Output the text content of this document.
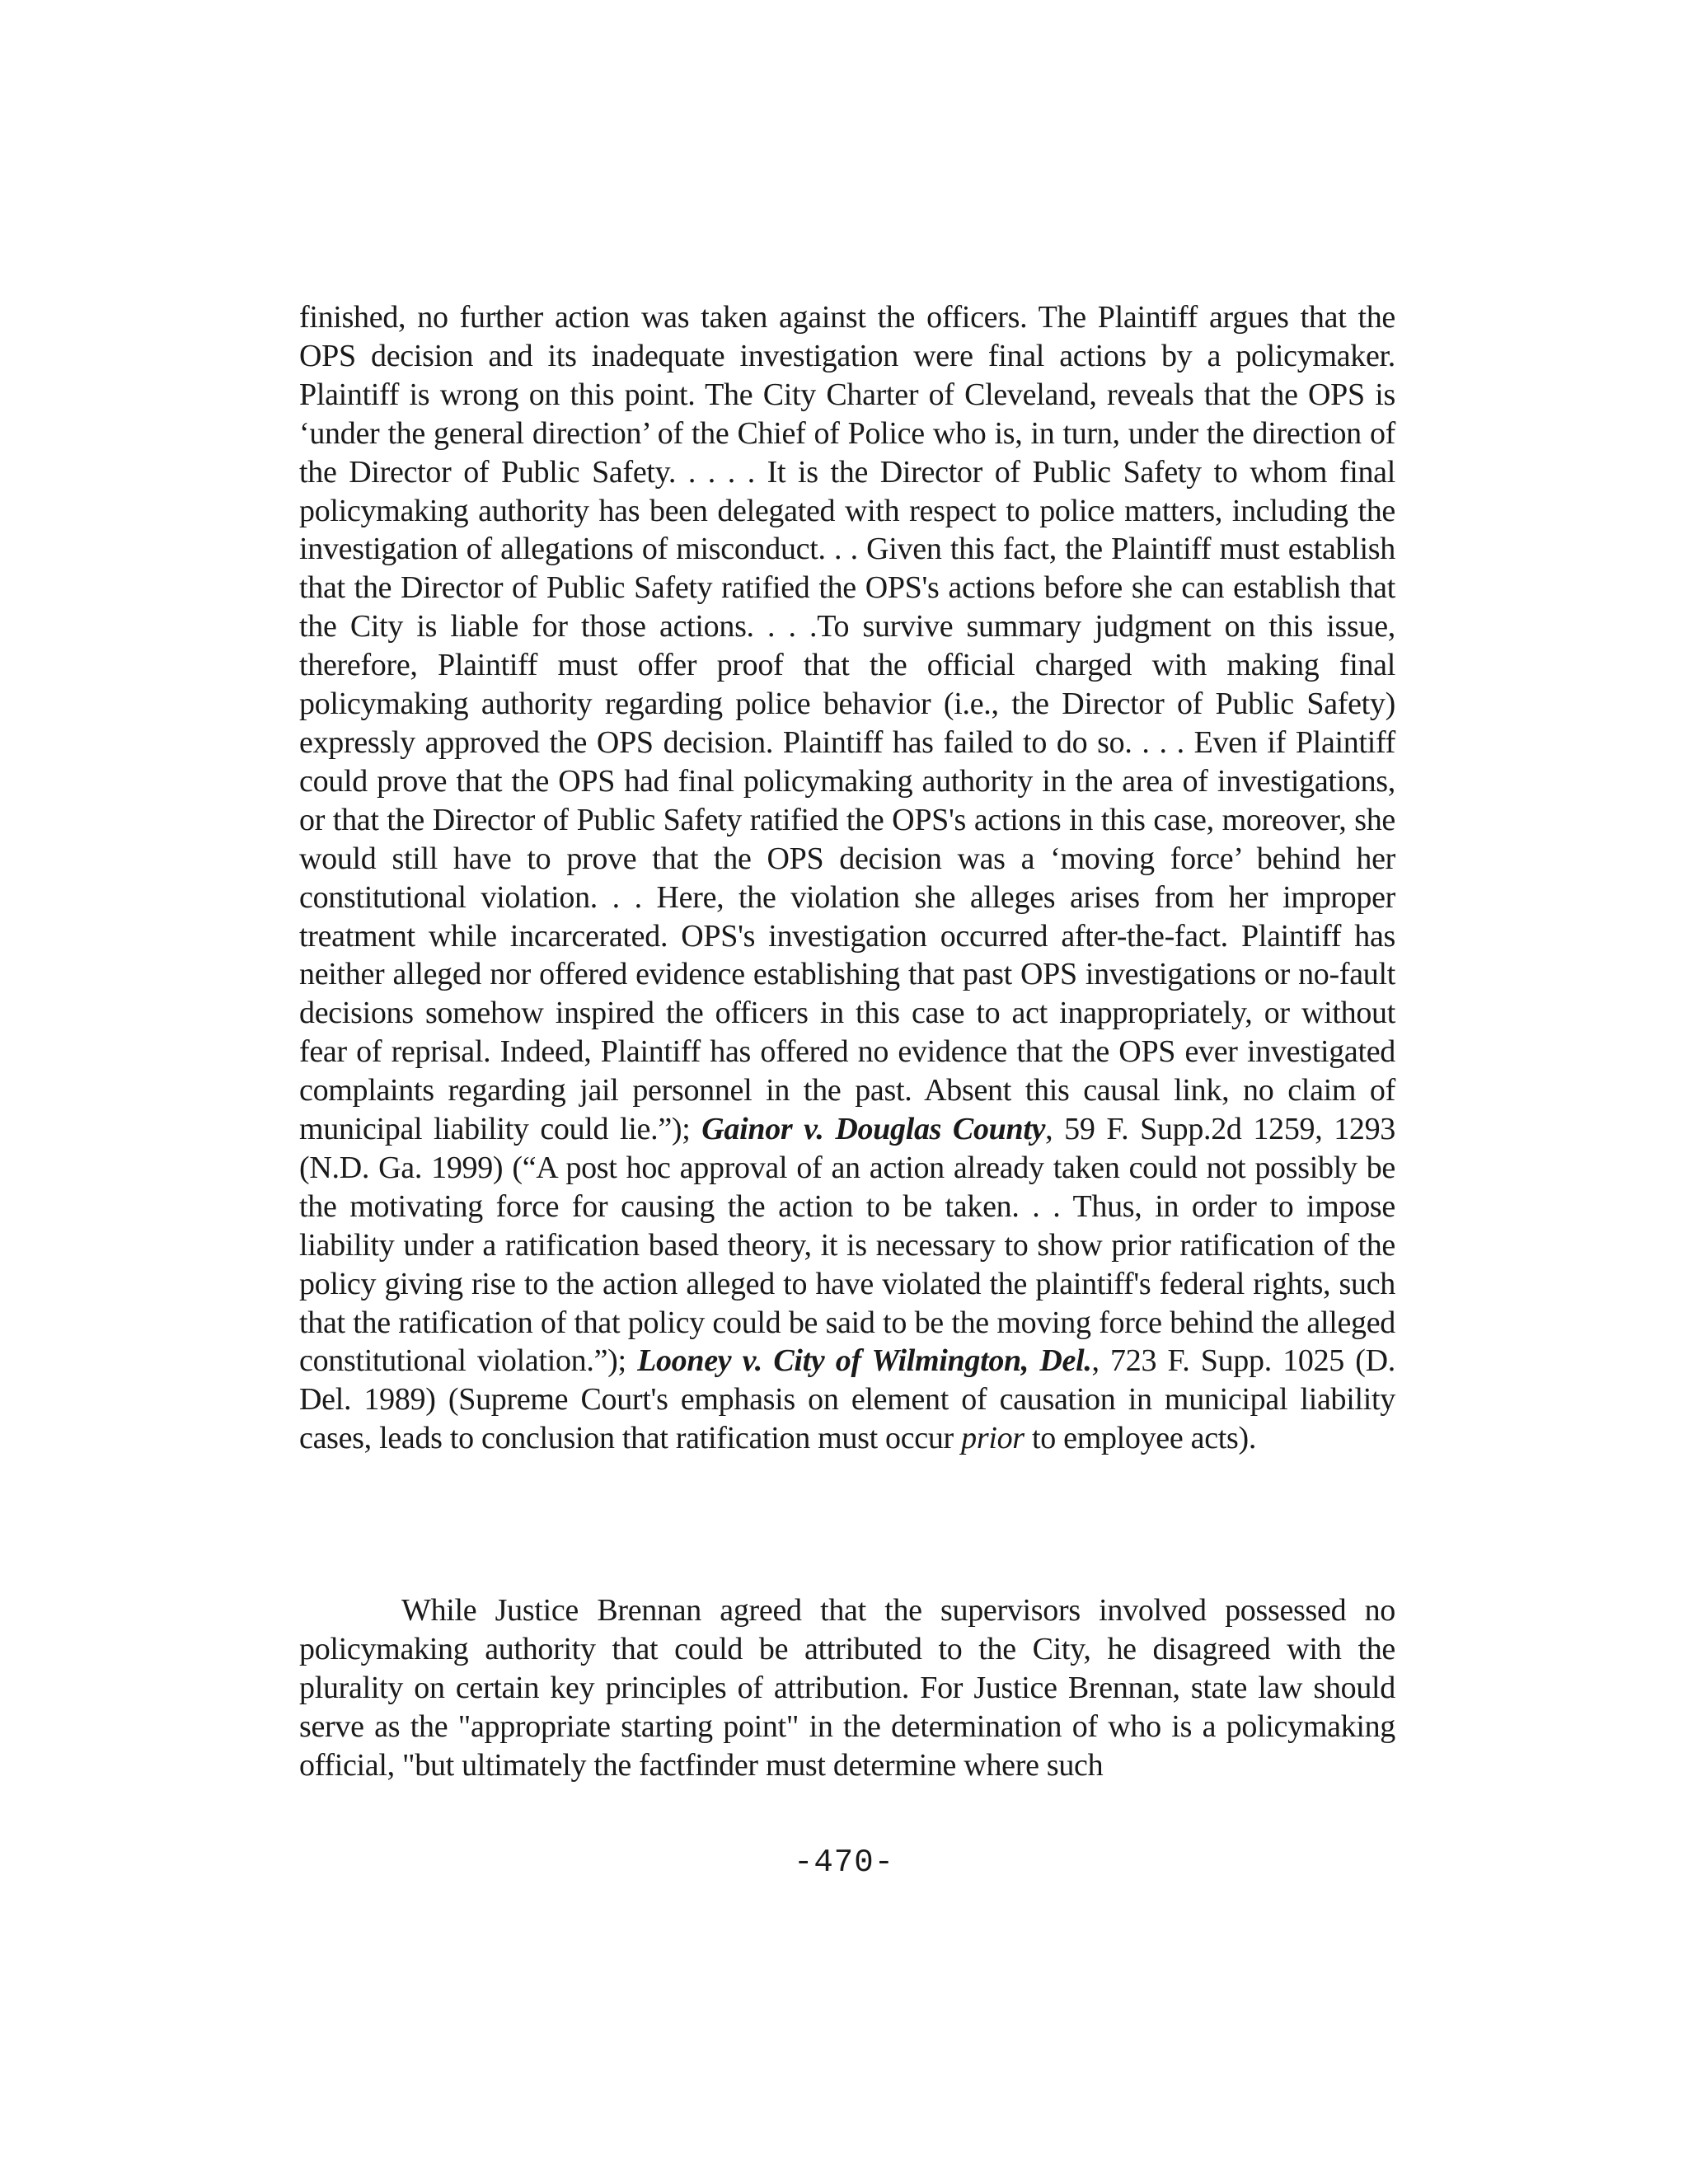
finished, no further action was taken against the officers. The Plaintiff argues that the OPS decision and its inadequate investigation were final actions by a policymaker. Plaintiff is wrong on this point. The City Charter of Cleveland, reveals that the OPS is ‘under the general direction’ of the Chief of Police who is, in turn, under the direction of the Director of Public Safety. . . . . It is the Director of Public Safety to whom final policymaking authority has been delegated with respect to police matters, including the investigation of allegations of misconduct. . . Given this fact, the Plaintiff must establish that the Director of Public Safety ratified the OPS's actions before she can establish that the City is liable for those actions. . . .To survive summary judgment on this issue, therefore, Plaintiff must offer proof that the official charged with making final policymaking authority regarding police behavior (i.e., the Director of Public Safety) expressly approved the OPS decision. Plaintiff has failed to do so. . . . Even if Plaintiff could prove that the OPS had final policymaking authority in the area of investigations, or that the Director of Public Safety ratified the OPS's actions in this case, moreover, she would still have to prove that the OPS decision was a ‘moving force’ behind her constitutional violation. . . Here, the violation she alleges arises from her improper treatment while incarcerated. OPS's investigation occurred after-the-fact. Plaintiff has neither alleged nor offered evidence establishing that past OPS investigations or no-fault decisions somehow inspired the officers in this case to act inappropriately, or without fear of reprisal. Indeed, Plaintiff has offered no evidence that the OPS ever investigated complaints regarding jail personnel in the past. Absent this causal link, no claim of municipal liability could lie.”); Gainor v. Douglas County, 59 F. Supp.2d 1259, 1293 (N.D. Ga. 1999) (“A post hoc approval of an action already taken could not possibly be the motivating force for causing the action to be taken. . . Thus, in order to impose liability under a ratification based theory, it is necessary to show prior ratification of the policy giving rise to the action alleged to have violated the plaintiff's federal rights, such that the ratification of that policy could be said to be the moving force behind the alleged constitutional violation.”); Looney v. City of Wilmington, Del., 723 F. Supp. 1025 (D. Del. 1989) (Supreme Court's emphasis on element of causation in municipal liability cases, leads to conclusion that ratification must occur prior to employee acts).

While Justice Brennan agreed that the supervisors involved possessed no policymaking authority that could be attributed to the City, he disagreed with the plurality on certain key principles of attribution. For Justice Brennan, state law should serve as the "appropriate starting point" in the determination of who is a policymaking official, "but ultimately the factfinder must determine where such

-470-
